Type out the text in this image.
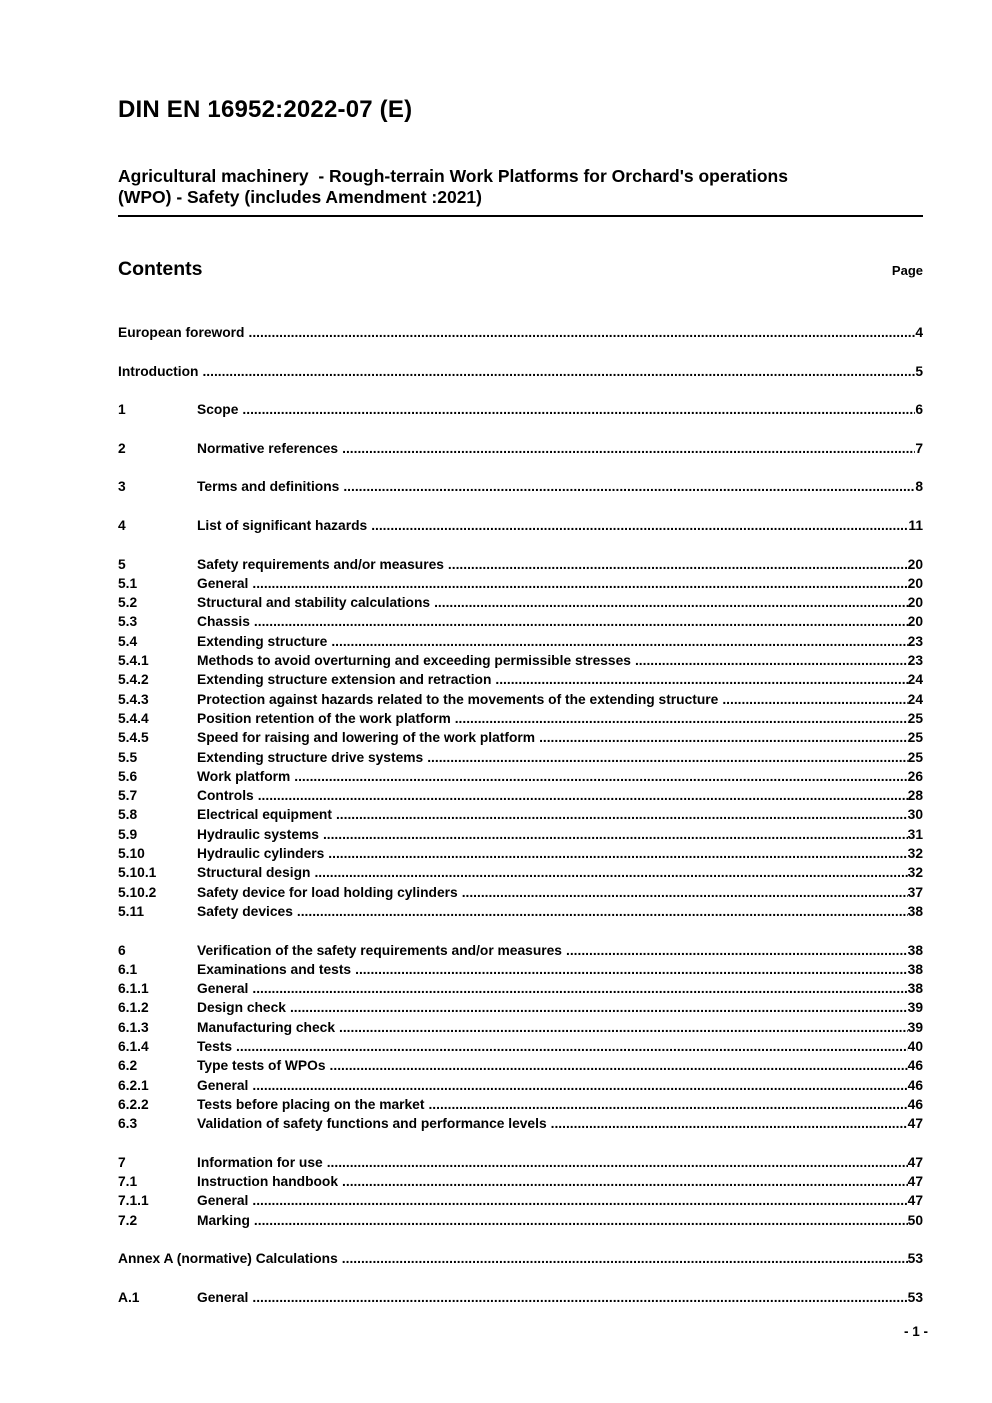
DIN EN 16952:2022-07 (E)
Agricultural machinery  - Rough-terrain Work Platforms for Orchard's operations
(WPO) - Safety (includes Amendment :2021)
Contents	Page
European foreword .....	4
Introduction .....	5
1	Scope .....	6
2	Normative references .....	7
3	Terms and definitions .....	8
4	List of significant hazards .....	11
5	Safety requirements and/or measures .....	20
5.1	General .....	20
5.2	Structural and stability calculations .....	20
5.3	Chassis .....	20
5.4	Extending structure .....	23
5.4.1	Methods to avoid overturning and exceeding permissible stresses .....	23
5.4.2	Extending structure extension and retraction .....	24
5.4.3	Protection against hazards related to the movements of the extending structure .....	24
5.4.4	Position retention of the work platform .....	25
5.4.5	Speed for raising and lowering of the work platform .....	25
5.5	Extending structure drive systems .....	25
5.6	Work platform .....	26
5.7	Controls .....	28
5.8	Electrical equipment .....	30
5.9	Hydraulic systems .....	31
5.10	Hydraulic cylinders .....	32
5.10.1	Structural design .....	32
5.10.2	Safety device for load holding cylinders .....	37
5.11	Safety devices .....	38
6	Verification of the safety requirements and/or measures .....	38
6.1	Examinations and tests .....	38
6.1.1	General .....	38
6.1.2	Design check .....	39
6.1.3	Manufacturing check .....	39
6.1.4	Tests .....	40
6.2	Type tests of WPOs .....	46
6.2.1	General .....	46
6.2.2	Tests before placing on the market .....	46
6.3	Validation of safety functions and performance levels .....	47
7	Information for use .....	47
7.1	Instruction handbook .....	47
7.1.1	General .....	47
7.2	Marking .....	50
Annex A (normative) Calculations .....	53
A.1	General .....	53
- 1 -
